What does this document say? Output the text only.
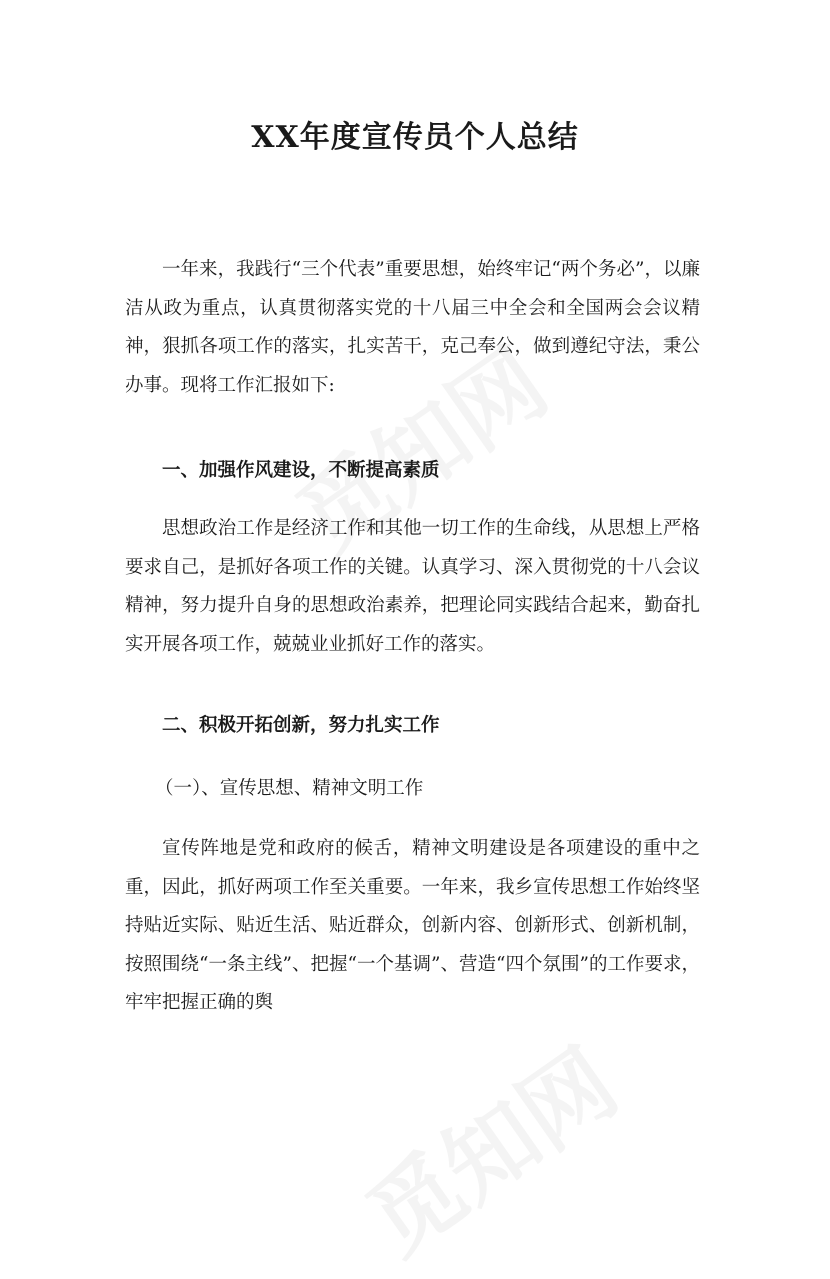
XX年度宣传员个人总结

一年来，我践行“三个代表”重要思想，始终牢记“两个务必”，以廉洁从政为重点，认真贯彻落实党的十八届三中全会和全国两会会议精神，狠抓各项工作的落实，扎实苦干，克己奉公，做到遵纪守法，秉公办事。现将工作汇报如下:

一、加强作风建设，不断提高素质

思想政治工作是经济工作和其他一切工作的生命线，从思想上严格要求自己，是抓好各项工作的关键。认真学习、深入贯彻党的十八会议精神，努力提升自身的思想政治素养，把理论同实践结合起来，勤奋扎实开展各项工作，兢兢业业抓好工作的落实。

二、积极开拓创新，努力扎实工作

（一）、宣传思想、精神文明工作

宣传阵地是党和政府的候舌，精神文明建设是各项建设的重中之重，因此，抓好两项工作至关重要。一年来，我乡宣传思想工作始终坚持贴近实际、贴近生活、贴近群众，创新内容、创新形式、创新机制，按照围绕“一条主线”、把握“一个基调”、营造“四个氛围”的工作要求，牢牢把握正确的舆
